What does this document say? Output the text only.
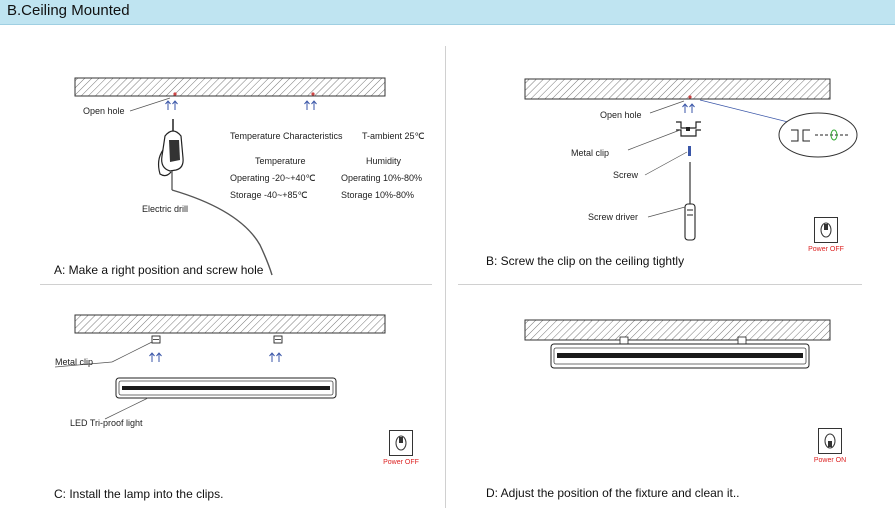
B.Ceiling Mounted
Open hole
Electric drill
Temperature Characteristics T-ambient 25℃
Temperature	Humidity
Operating -20~+40℃	Operating 10%-80%
Storage -40~+85℃	Storage 10%-80%
A: Make a right position and screw hole
Open hole
Metal clip
Screw
Screw driver
Power OFF
B: Screw the clip on the ceiling tightly
Metal clip
LED Tri-proof light
Power OFF
C: Install the lamp into the clips.
Power ON
D: Adjust the position of the fixture and clean it..
